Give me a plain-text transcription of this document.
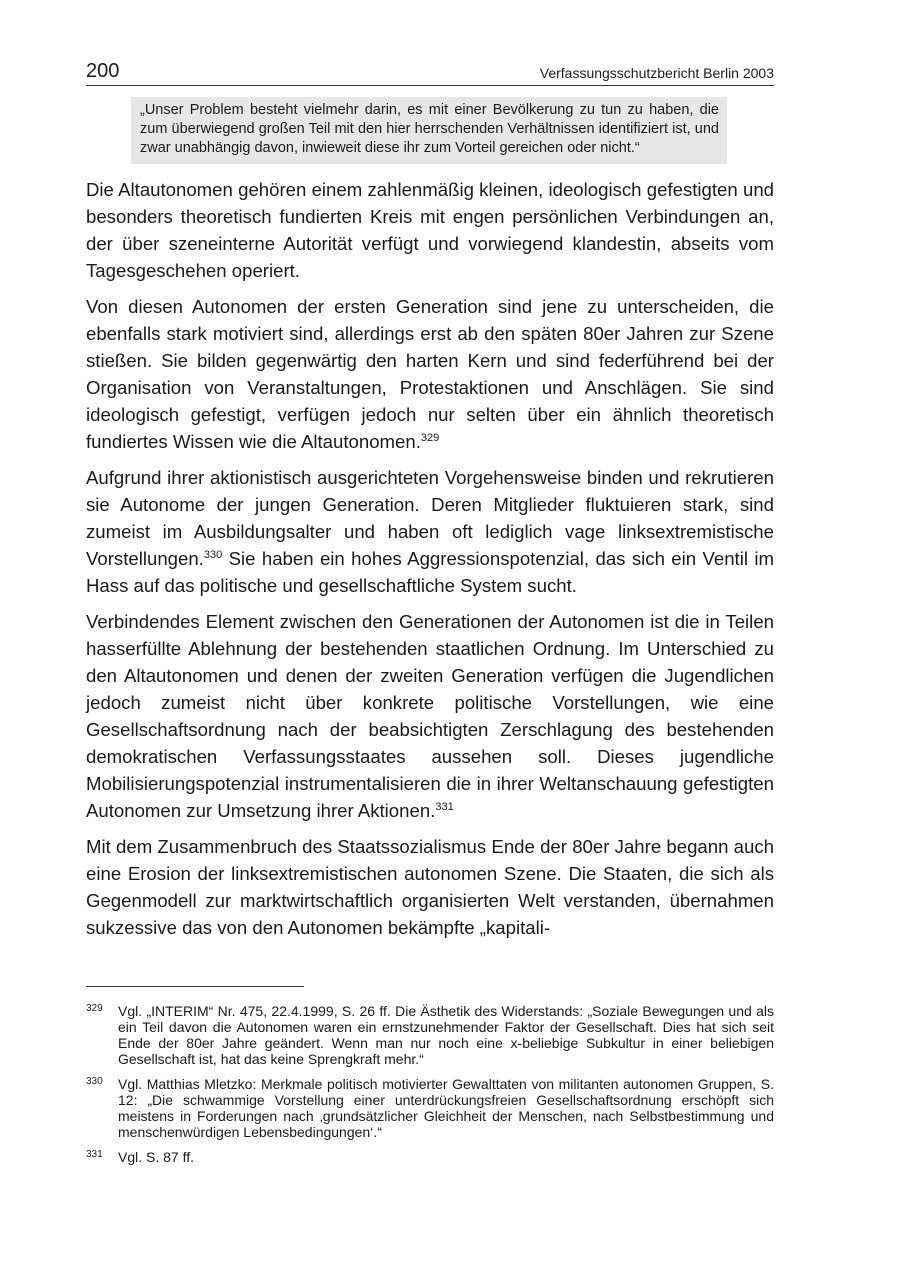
200	Verfassungsschutzbericht Berlin 2003
„Unser Problem besteht vielmehr darin, es mit einer Bevölkerung zu tun zu haben, die zum überwiegend großen Teil mit den hier herrschenden Verhältnissen identifiziert ist, und zwar unabhängig davon, inwieweit diese ihr zum Vorteil gereichen oder nicht.“

Die Altautonomen gehören einem zahlenmäßig kleinen, ideologisch gefestigten und besonders theoretisch fundierten Kreis mit engen persönlichen Verbindungen an, der über szeneinterne Autorität verfügt und vorwiegend klandestin, abseits vom Tagesgeschehen operiert.

Von diesen Autonomen der ersten Generation sind jene zu unterscheiden, die ebenfalls stark motiviert sind, allerdings erst ab den späten 80er Jahren zur Szene stießen. Sie bilden gegenwärtig den harten Kern und sind federführend bei der Organisation von Veranstaltungen, Protestaktionen und Anschlägen. Sie sind ideologisch gefestigt, verfügen jedoch nur selten über ein ähnlich theoretisch fundiertes Wissen wie die Altautonomen.$^{329}$

Aufgrund ihrer aktionistisch ausgerichteten Vorgehensweise binden und rekrutieren sie Autonome der jungen Generation. Deren Mitglieder fluktuieren stark, sind zumeist im Ausbildungsalter und haben oft lediglich vage linksextremistische Vorstellungen.$^{330}$ Sie haben ein hohes Aggressionspotenzial, das sich ein Ventil im Hass auf das politische und gesellschaftliche System sucht.

Verbindendes Element zwischen den Generationen der Autonomen ist die in Teilen hasserfüllte Ablehnung der bestehenden staatlichen Ordnung. Im Unterschied zu den Altautonomen und denen der zweiten Generation verfügen die Jugendlichen jedoch zumeist nicht über konkrete politische Vorstellungen, wie eine Gesellschaftsordnung nach der beabsichtigten Zerschlagung des bestehenden demokratischen Verfassungsstaates aussehen soll. Dieses jugendliche Mobilisierungspotenzial instrumentalisieren die in ihrer Weltanschauung gefestigten Autonomen zur Umsetzung ihrer Aktionen.$^{331}$

Mit dem Zusammenbruch des Staatssozialismus Ende der 80er Jahre begann auch eine Erosion der linksextremistischen autonomen Szene. Die Staaten, die sich als Gegenmodell zur marktwirtschaftlich organisierten Welt verstanden, übernahmen sukzessive das von den Autonomen bekämpfte „kapitali-

329	Vgl. „INTERIM“ Nr. 475, 22.4.1999, S. 26 ff. Die Ästhetik des Widerstands: „Soziale Bewegungen und als ein Teil davon die Autonomen waren ein ernstzunehmender Faktor der Gesellschaft. Dies hat sich seit Ende der 80er Jahre geändert. Wenn man nur noch eine x-beliebige Subkultur in einer beliebigen Gesellschaft ist, hat das keine Sprengkraft mehr.“
330	Vgl. Matthias Mletzko: Merkmale politisch motivierter Gewalttaten von militanten autonomen Gruppen, S. 12: „Die schwammige Vorstellung einer unterdrückungsfreien Gesellschaftsordnung erschöpft sich meistens in Forderungen nach ‚grundsätzlicher Gleichheit der Menschen, nach Selbstbestimmung und menschenwürdigen Lebensbedingungen‘.“
331	Vgl. S. 87 ff.
